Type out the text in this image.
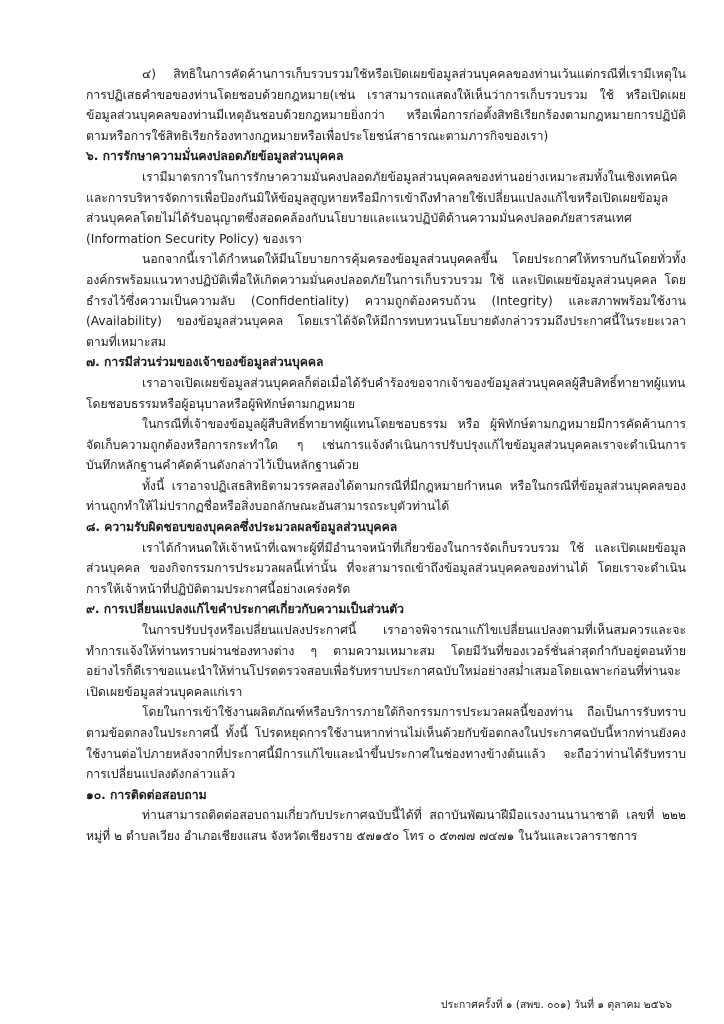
๔) สิทธิในการคัดค้านการเก็บรวบรวมใช้หรือเปิดเผยข้อมูลส่วนบุคคลของท่านเว้นแต่กรณีที่เรามีเหตุในการปฏิเสธคำขอของท่านโดยชอบด้วยกฎหมาย(เช่น เราสามารถแสดงให้เห็นว่าการเก็บรวบรวม ใช้ หรือเปิดเผยข้อมูลส่วนบุคคลของท่านมีเหตุอันชอบด้วยกฎหมายยิ่งกว่า หรือเพื่อการก่อตั้งสิทธิเรียกร้องตามกฎหมายการปฏิบัติตามหรือการใช้สิทธิเรียกร้องทางกฎหมายหรือเพื่อประโยชน์สาธารณะตามภารกิจของเรา)
๖. การรักษาความมั่นคงปลอดภัยข้อมูลส่วนบุคคล
เรามีมาตรการในการรักษาความมั่นคงปลอดภัยข้อมูลส่วนบุคคลของท่านอย่างเหมาะสมทั้งในเชิงเทคนิคและการบริหารจัดการเพื่อป้องกันมิให้ข้อมูลสูญหายหรือมีการเข้าถึงทำลายใช้เปลี่ยนแปลงแก้ไขหรือเปิดเผยข้อมูลส่วนบุคคลโดยไม่ได้รับอนุญาตซึ่งสอดคล้องกับนโยบายและแนวปฏิบัติด้านความมั่นคงปลอดภัยสารสนเทศ (Information Security Policy) ของเรา
นอกจากนี้เราได้กำหนดให้มีนโยบายการคุ้มครองข้อมูลส่วนบุคคลขึ้น โดยประกาศให้ทราบกันโดยทั่วทั้งองค์กรพร้อมแนวทางปฏิบัติเพื่อให้เกิดความมั่นคงปลอดภัยในการเก็บรวบรวม ใช้ และเปิดเผยข้อมูลส่วนบุคคล โดยธำรงไว้ซึ่งความเป็นความลับ (Confidentiality) ความถูกต้องครบถ้วน (Integrity) และสภาพพร้อมใช้งาน (Availability) ของข้อมูลส่วนบุคคล โดยเราได้จัดให้มีการทบทวนนโยบายดังกล่าวรวมถึงประกาศนี้ในระยะเวลาตามที่เหมาะสม
๗. การมีส่วนร่วมของเจ้าของข้อมูลส่วนบุคคล
เราอาจเปิดเผยข้อมูลส่วนบุคคลก็ต่อเมื่อได้รับคำร้องขอจากเจ้าของข้อมูลส่วนบุคคลผู้สืบสิทธิ์ทายาทผู้แทนโดยชอบธรรมหรือผู้อนุบาลหรือผู้พิทักษ์ตามกฎหมาย
ในกรณีที่เจ้าของข้อมูลผู้สืบสิทธิ์ทายาทผู้แทนโดยชอบธรรม หรือ ผู้พิทักษ์ตามกฎหมายมีการคัดค้านการจัดเก็บความถูกต้องหรือการกระทำใด ๆ เช่นการแจ้งดำเนินการปรับปรุงแก้ไขข้อมูลส่วนบุคคลเราจะดำเนินการบันทึกหลักฐานคำคัดค้านดังกล่าวไว้เป็นหลักฐานด้วย
ทั้งนี้ เราอาจปฏิเสธสิทธิตามวรรคสองได้ตามกรณีที่มีกฎหมายกำหนด หรือในกรณีที่ข้อมูลส่วนบุคคลของท่านถูกทำให้ไม่ปรากฏชื่อหรือสิ่งบอกลักษณะอันสามารถระบุตัวท่านได้
๘. ความรับผิดชอบของบุคคลซึ่งประมวลผลข้อมูลส่วนบุคคล
เราได้กำหนดให้เจ้าหน้าที่เฉพาะผู้ที่มีอำนาจหน้าที่เกี่ยวข้องในการจัดเก็บรวบรวม ใช้ และเปิดเผยข้อมูลส่วนบุคคล ของกิจกรรมการประมวลผลนี้เท่านั้น ที่จะสามารถเข้าถึงข้อมูลส่วนบุคคลของท่านได้ โดยเราจะดำเนินการให้เจ้าหน้าที่ปฏิบัติตามประกาศนี้อย่างเคร่งครัด
๙. การเปลี่ยนแปลงแก้ไขคำประกาศเกี่ยวกับความเป็นส่วนตัว
ในการปรับปรุงหรือเปลี่ยนแปลงประกาศนี้ เราอาจพิจารณาแก้ไขเปลี่ยนแปลงตามที่เห็นสมควรและจะทำการแจ้งให้ท่านทราบผ่านช่องทางต่าง ๆ ตามความเหมาะสม โดยมีวันที่ของเวอร์ชั่นล่าสุดกำกับอยู่ตอนท้าย อย่างไรก็ดีเราขอแนะนำให้ท่านโปรดตรวจสอบเพื่อรับทราบประกาศฉบับใหม่อย่างสม่ำเสมอโดยเฉพาะก่อนที่ท่านจะเปิดเผยข้อมูลส่วนบุคคลแก่เรา
โดยในการเข้าใช้งานผลิตภัณฑ์หรือบริการภายใต้กิจกรรมการประมวลผลนี้ของท่าน ถือเป็นการรับทราบตามข้อตกลงในประกาศนี้ ทั้งนี้ โปรดหยุดการใช้งานหากท่านไม่เห็นด้วยกับข้อตกลงในประกาศฉบับนี้หากท่านยังคงใช้งานต่อไปภายหลังจากที่ประกาศนี้มีการแก้ไขและนำขึ้นประกาศในช่องทางข้างต้นแล้ว จะถือว่าท่านได้รับทราบการเปลี่ยนแปลงดังกล่าวแล้ว
๑๐. การติดต่อสอบถาม
ท่านสามารถติดต่อสอบถามเกี่ยวกับประกาศฉบับนี้ได้ที่ สถาบันพัฒนาฝีมือแรงงานนานาชาติ เลขที่ ๒๒๒ หมู่ที่ ๒ ตำบลเวียง อำเภอเชียงแสน จังหวัดเชียงราย ๕๗๑๕๐ โทร ๐ ๕๓๗๗ ๗๔๗๑ ในวันและเวลาราชการ
ประกาศครั้งที่ ๑ (สพข. ๐๐๑) วันที่ ๑ ตุลาคม ๒๕๖๖
